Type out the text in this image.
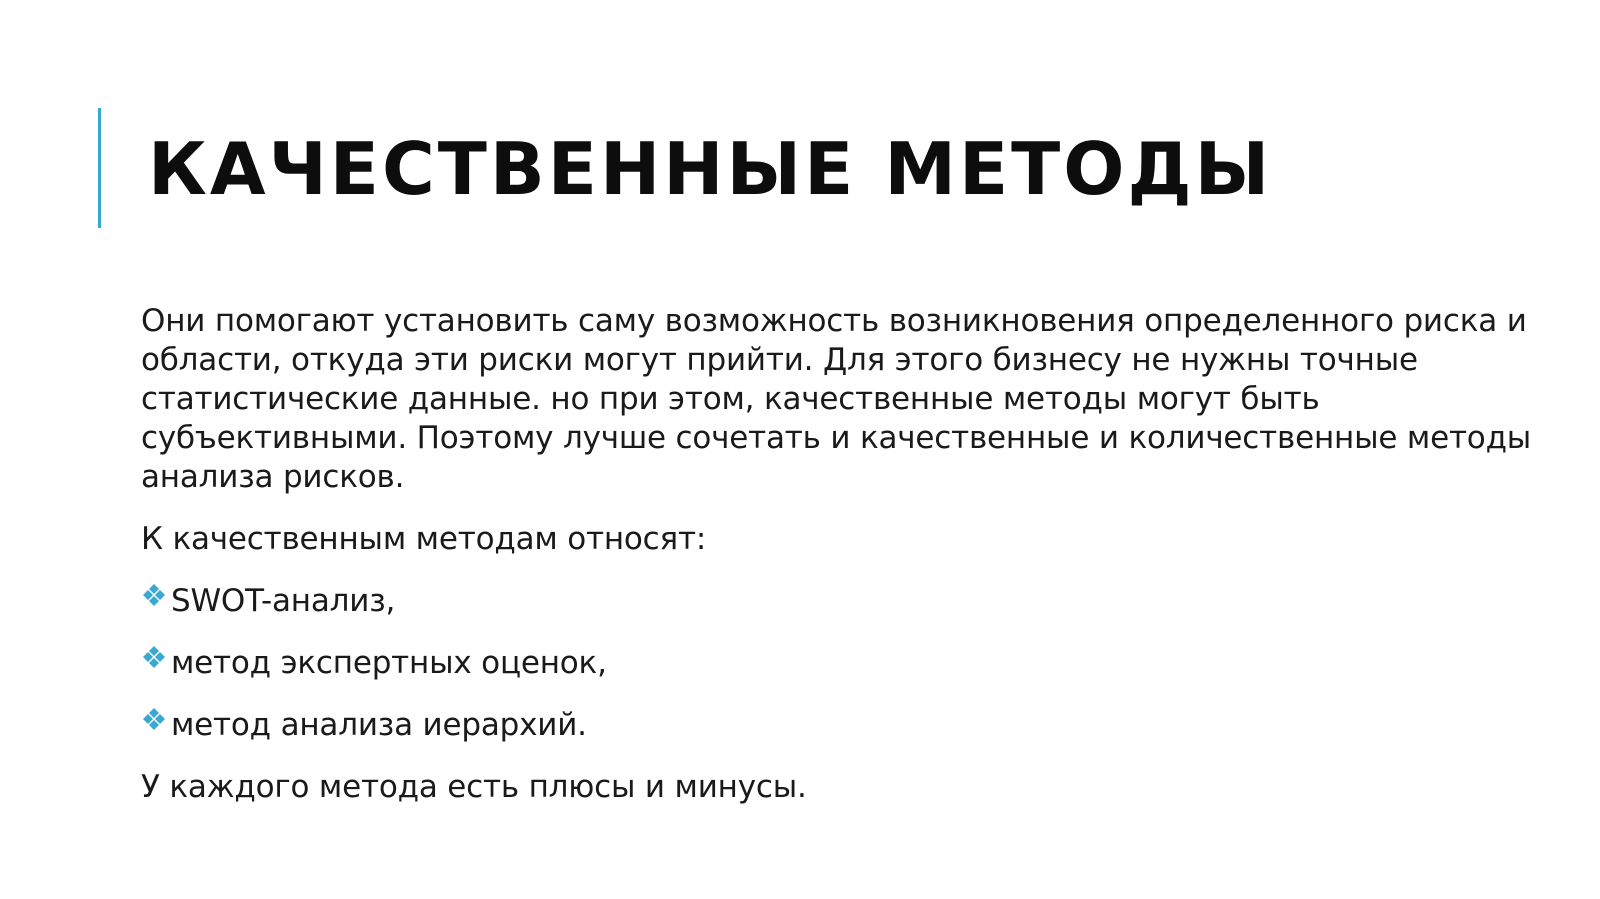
КАЧЕСТВЕННЫЕ МЕТОДЫ

Они помогают установить саму возможность возникновения определенного риска и области, откуда эти риски могут прийти. Для этого бизнесу не нужны точные статистические данные. но при этом, качественные методы могут быть субъективными. Поэтому лучше сочетать и качественные и количественные методы анализа рисков.

К качественным методам относят:

SWOT-анализ,
метод экспертных оценок,
метод анализа иерархий.

У каждого метода есть плюсы и минусы.
